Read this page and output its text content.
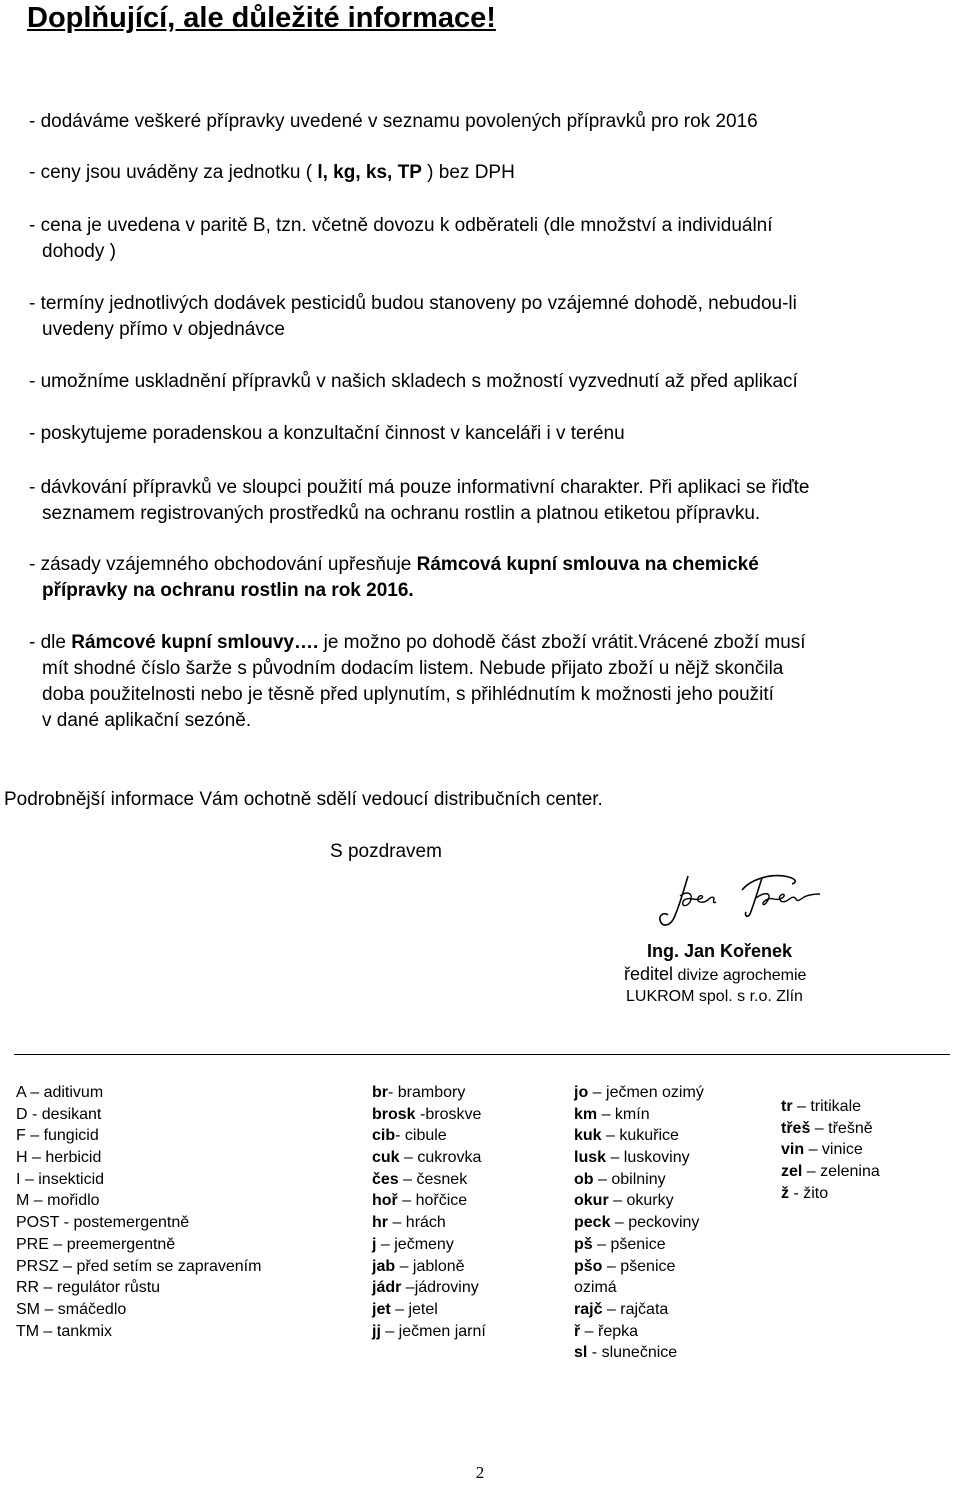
Doplňující, ale důležité informace!
- dodáváme veškeré přípravky uvedené v seznamu povolených přípravků pro rok 2016
- ceny jsou uváděny za jednotku ( l, kg, ks, TP ) bez DPH
- cena je uvedena v paritě B, tzn. včetně dovozu k odběrateli (dle množství a individuální
dohody )
- termíny jednotlivých dodávek pesticidů budou stanoveny po vzájemné dohodě, nebudou-li
uvedeny přímo v objednávce
- umožníme uskladnění přípravků v našich skladech s možností vyzvednutí až před aplikací
- poskytujeme poradenskou a konzultační činnost v kanceláři i v terénu
- dávkování přípravků ve sloupci použití má pouze informativní charakter. Při aplikaci se řiďte
seznamem registrovaných prostředků na ochranu rostlin a platnou etiketou přípravku.
- zásady vzájemného obchodování upřesňuje Rámcová kupní smlouva na chemické
přípravky na ochranu rostlin na rok 2016.
- dle Rámcové kupní smlouvy…. je možno po dohodě část zboží vrátit.Vrácené zboží musí
mít shodné číslo šarže s původním dodacím listem. Nebude přijato zboží u nějž skončila
doba použitelnosti nebo je těsně před uplynutím, s přihlédnutím k možnosti jeho použití
v dané aplikační sezóně.
Podrobnější informace Vám ochotně sdělí vedoucí distribučních center.
S pozdravem
Ing. Jan Kořenek
ředitel divize agrochemie
LUKROM spol. s r.o. Zlín
A – aditivum
D - desikant
F – fungicid
H – herbicid
I – insekticid
M – mořidlo
POST - postemergentně
PRE – preemergentně
PRSZ – před setím se zapravením
RR – regulátor růstu
SM – smáčedlo
TM – tankmix
br- brambory
brosk -broskve
cib- cibule
cuk – cukrovka
čes – česnek
hoř – hořčice
hr – hrách
j – ječmeny
jab – jabloně
jádr –jádroviny
jet – jetel
jj – ječmen jarní
jo – ječmen ozimý
km – kmín
kuk – kukuřice
lusk – luskoviny
ob – obilniny
okur – okurky
peck – peckoviny
pš – pšenice
pšo – pšenice
ozimá
rajč – rajčata
ř – řepka
sl - slunečnice
tr – tritikale
třeš – třešně
vin – vinice
zel – zelenina
ž - žito
2
